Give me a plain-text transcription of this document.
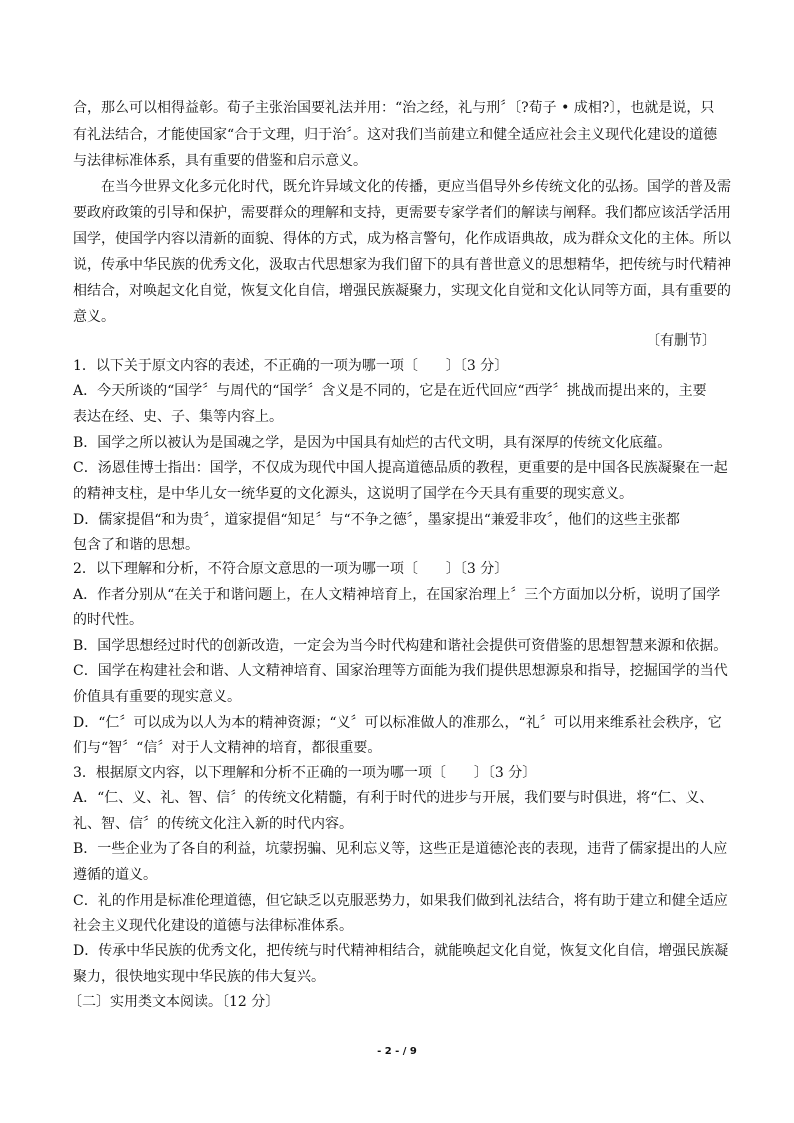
合，那么可以相得益彰。荀子主张治国要礼法并用：“治之经，礼与刑〞〔?荀子 • 成相?〕，也就是说，只
有礼法结合，才能使国家“合于文理，归于治〞。这对我们当前建立和健全适应社会主义现代化建设的道德
与法律标准体系，具有重要的借鉴和启示意义。
在当今世界文化多元化时代，既允许异域文化的传播，更应当倡导外乡传统文化的弘扬。国学的普及需
要政府政策的引导和保护，需要群众的理解和支持，更需要专家学者们的解读与阐释。我们都应该活学活用
国学，使国学内容以清新的面貌、得体的方式，成为格言警句，化作成语典故，成为群众文化的主体。所以
说，传承中华民族的优秀文化，汲取古代思想家为我们留下的具有普世意义的思想精华，把传统与时代精神
相结合，对唤起文化自觉，恢复文化自信，增强民族凝聚力，实现文化自觉和文化认同等方面，具有重要的
意义。
〔有删节〕
1．以下关于原文内容的表述，不正确的一项为哪一项〔　　〕〔3 分〕
A．今天所谈的“国学〞与周代的“国学〞含义是不同的，它是在近代回应“西学〞挑战而提出来的，主要
表达在经、史、子、集等内容上。
B．国学之所以被认为是国魂之学，是因为中国具有灿烂的古代文明，具有深厚的传统文化底蕴。
C．汤恩佳博士指出：国学，不仅成为现代中国人提高道德品质的教程，更重要的是中国各民族凝聚在一起
的精神支柱，是中华儿女一统华夏的文化源头，这说明了国学在今天具有重要的现实意义。
D．儒家提倡“和为贵〞，道家提倡“知足〞与“不争之德〞，墨家提出“兼爱非攻〞，他们的这些主张都
包含了和谐的思想。
2．以下理解和分析，不符合原文意思的一项为哪一项〔　　〕〔3 分〕
A．作者分别从“在关于和谐问题上，在人文精神培育上，在国家治理上〞三个方面加以分析，说明了国学
的时代性。
B．国学思想经过时代的创新改造，一定会为当今时代构建和谐社会提供可资借鉴的思想智慧来源和依据。
C．国学在构建社会和谐、人文精神培育、国家治理等方面能为我们提供思想源泉和指导，挖掘国学的当代
价值具有重要的现实意义。
D．“仁〞可以成为以人为本的精神资源；“义〞可以标准做人的准那么，“礼〞可以用来维系社会秩序，它
们与“智〞“信〞对于人文精神的培育，都很重要。
3．根据原文内容，以下理解和分析不正确的一项为哪一项〔　　〕〔3 分〕
A．“仁、义、礼、智、信〞的传统文化精髓，有利于时代的进步与开展，我们要与时俱进，将“仁、义、
礼、智、信〞的传统文化注入新的时代内容。
B．一些企业为了各自的利益，坑蒙拐骗、见利忘义等，这些正是道德沦丧的表现，违背了儒家提出的人应
遵循的道义。
C．礼的作用是标准伦理道德，但它缺乏以克服恶势力，如果我们做到礼法结合，将有助于建立和健全适应
社会主义现代化建设的道德与法律标准体系。
D．传承中华民族的优秀文化，把传统与时代精神相结合，就能唤起文化自觉，恢复文化自信，增强民族凝
聚力，很快地实现中华民族的伟大复兴。
〔二〕实用类文本阅读。〔12 分〕
- 2 - / 9
